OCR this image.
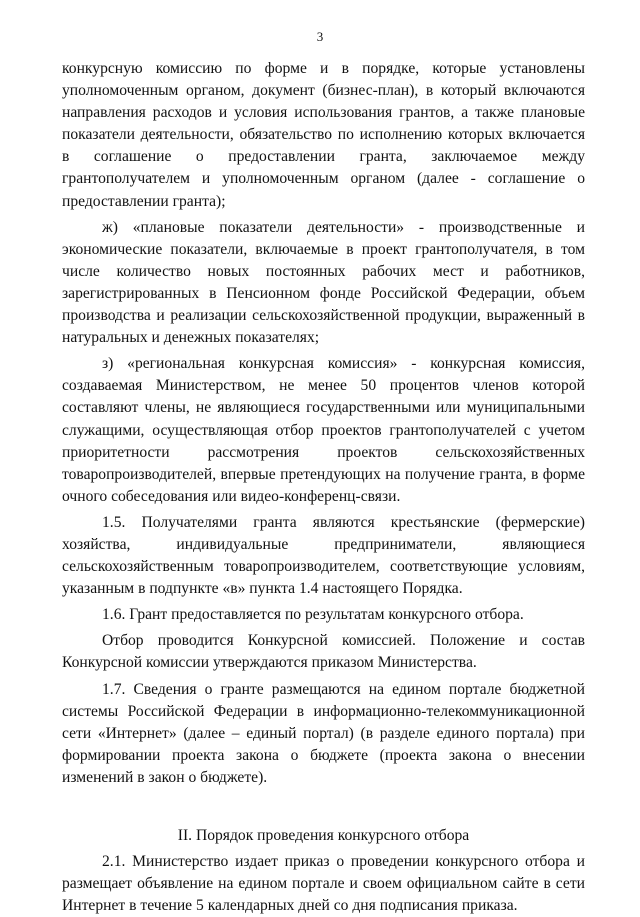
3

конкурсную комиссию по форме и в порядке, которые установлены уполномоченным органом, документ (бизнес-план), в который включаются направления расходов и условия использования грантов, а также плановые показатели деятельности, обязательство по исполнению которых включается в соглашение о предоставлении гранта, заключаемое между грантополучателем и уполномоченным органом (далее - соглашение о предоставлении гранта);

ж) «плановые показатели деятельности» - производственные и экономические показатели, включаемые в проект грантополучателя, в том числе количество новых постоянных рабочих мест и работников, зарегистрированных в Пенсионном фонде Российской Федерации, объем производства и реализации сельскохозяйственной продукции, выраженный в натуральных и денежных показателях;

з) «региональная конкурсная комиссия» - конкурсная комиссия, создаваемая Министерством, не менее 50 процентов членов которой составляют члены, не являющиеся государственными или муниципальными служащими, осуществляющая отбор проектов грантополучателей с учетом приоритетности рассмотрения проектов сельскохозяйственных товаропроизводителей, впервые претендующих на получение гранта, в форме очного собеседования или видео-конференц-связи.

1.5. Получателями гранта являются крестьянские (фермерские) хозяйства, индивидуальные предприниматели, являющиеся сельскохозяйственным товаропроизводителем, соответствующие условиям, указанным в подпункте «в» пункта 1.4 настоящего Порядка.

1.6. Грант предоставляется по результатам конкурсного отбора.

Отбор проводится Конкурсной комиссией. Положение и состав Конкурсной комиссии утверждаются приказом Министерства.

1.7. Сведения о гранте размещаются на едином портале бюджетной системы Российской Федерации в информационно-телекоммуникационной сети «Интернет» (далее – единый портал) (в разделе единого портала) при формировании проекта закона о бюджете (проекта закона о внесении изменений в закон о бюджете).

II. Порядок проведения конкурсного отбора

2.1. Министерство издает приказ о проведении конкурсного отбора и размещает объявление на едином портале и своем официальном сайте в сети Интернет в течение 5 календарных дней со дня подписания приказа.
